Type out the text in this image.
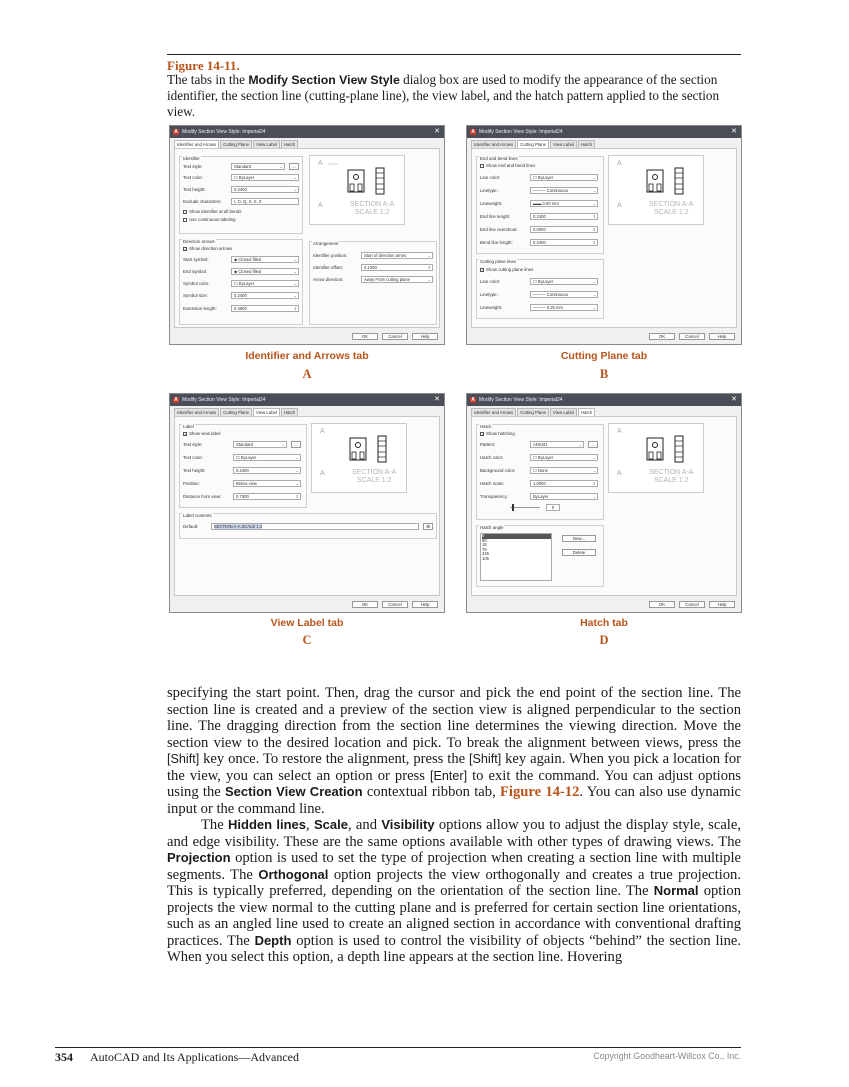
Figure 14-11.
The tabs in the Modify Section View Style dialog box are used to modify the appearance of the section identifier, the section line (cutting-plane line), the view label, and the hatch pattern applied to the section view.
Modify Section View Style: Imperial24
A	✕
Identifier and Arrows	Cutting Plane	View Label	Hatch
Identifier
Text style:	Standard	⌄	...
Text color:	☐ ByLayer	⌄
Text height:	0.2400	⌄
Exclude characters:	I, O, Q, S, X, Z
Show identifier at all bends
Use continuous labeling
Direction arrows
✓ Show direction arrows
Start symbol:	◆ Closed filled	⌄
End symbol:	◆ Closed filled	⌄
Symbol color:	☐ ByLayer	⌄
Symbol size:	0.2400	⌄
Extension length:	0.4800	⇕
Arrangement
Identifier position:	Start of direction arrow	⌄
Identifier offset:	0.1000	⇕
Arrow direction:	Away From cutting plane	⌄
A
A	SECTION A-A
SCALE 1:2
OK	Cancel	Help
Identifier and Arrows tab
A
Modify Section View Style: Imperial24
A	✕
Identifier and Arrows	Cutting Plane	View Label	Hatch
End and bend lines
Show end and bend lines
Line color:	☐ ByLayer	⌄
Linetype:	——— Continuous	⌄
Lineweight:	▬▬ 0.50 mm	⌄
End line length:	0.2400	⇕
End line overshoot:	0.0000	⇕
Bend line length:	0.2400	⇕
Cutting plane lines
✓ Show cutting plane lines
Line color:	☐ ByLayer	⌄
Linetype:	——— Continuous	⌄
Lineweight:	——— 0.25 mm	⌄
A
A	SECTION A-A
SCALE 1:2
OK	Cancel	Help
Cutting Plane tab
B
Modify Section View Style: Imperial24
A	✕
Identifier and Arrows	Cutting Plane	View Label	Hatch
Label
✓ Show view label
Text style:	Standard	⌄	...
Text color:	☐ ByLayer	⌄
Text height:	0.2400	⌄
Position:	Below view	⌄
Distance from view:	0.7500	⇕
Label contents
Default:	SECTION A-A SCALE 1:2	⊞
A
A	SECTION A-A
SCALE 1:2
OK	Cancel	Help
View Label tab
C
Modify Section View Style: Imperial24
A	✕
Identifier and Arrows	Cutting Plane	View Label	Hatch
Hatch
✓ Show hatching
Pattern:	ANSI31	⌄	...
Hatch color:	☐ ByLayer	⌄
Background color:	☐ None	⌄
Hatch scale:	1.0000	⇕
Transparency:	ByLayer	⌄
0
Hatch angle
0
90
15
75
345
105
New...
Delete
A
A	SECTION A-A
SCALE 1:2
OK	Cancel	Help
Hatch tab
D

specifying the start point. Then, drag the cursor and pick the end point of the section line. The section line is created and a preview of the section view is aligned perpendicular to the section line. The dragging direction from the section line determines the viewing direction. Move the section view to the desired location and pick. To break the alignment between views, press the [Shift] key once. To restore the alignment, press the [Shift] key again. When you pick a location for the view, you can select an option or press [Enter] to exit the command. You can adjust options using the Section View Creation contextual ribbon tab, Figure 14-12. You can also use dynamic input or the command line.

The Hidden lines, Scale, and Visibility options allow you to adjust the display style, scale, and edge visibility. These are the same options available with other types of drawing views. The Projection option is used to set the type of projection when creating a section line with multiple segments. The Orthogonal option projects the view orthogonally and creates a true projection. This is typically preferred, depending on the orientation of the section line. The Normal option projects the view normal to the cutting plane and is preferred for certain section line orientations, such as an angled line used to create an aligned section in accordance with conventional drafting practices. The Depth option is used to control the visibility of objects “behind” the section line. When you select this option, a depth line appears at the section line. Hovering

354 AutoCAD and Its Applications—Advanced	Copyright Goodheart-Willcox Co., Inc.
